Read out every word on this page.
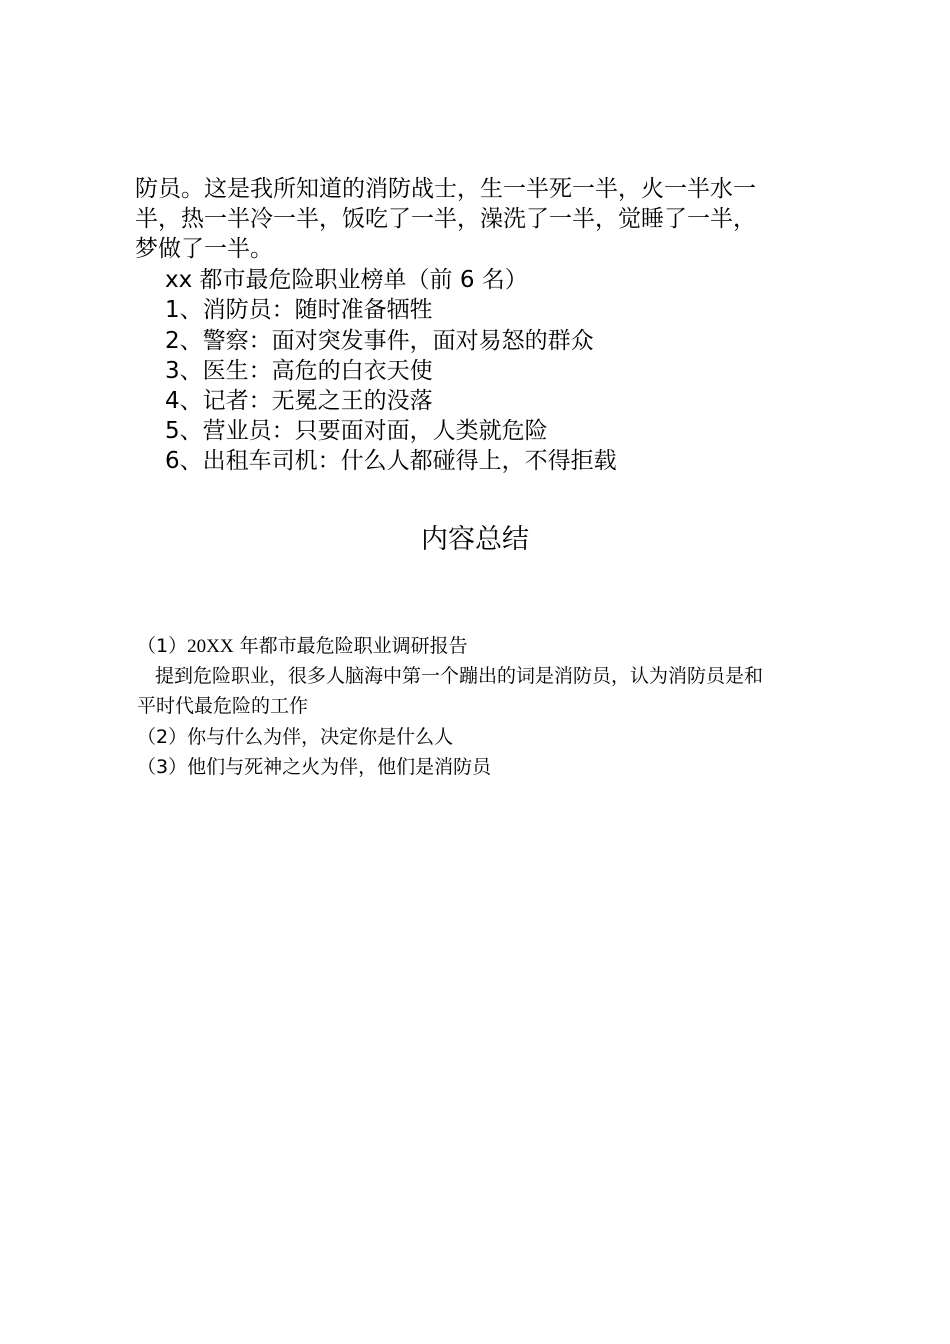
防员。这是我所知道的消防战士，生一半死一半，火一半水一
半，热一半冷一半，饭吃了一半，澡洗了一半，觉睡了一半，
梦做了一半。
xx 都市最危险职业榜单（前 6 名）
1、消防员：随时准备牺牲
2、警察：面对突发事件，面对易怒的群众
3、医生：高危的白衣天使
4、记者：无冕之王的没落
5、营业员：只要面对面，人类就危险
6、出租车司机：什么人都碰得上，不得拒载
内容总结
（1）20XX 年都市最危险职业调研报告
提到危险职业，很多人脑海中第一个蹦出的词是消防员，认为消防员是和
平时代最危险的工作
（2）你与什么为伴，决定你是什么人
（3）他们与死神之火为伴，他们是消防员
